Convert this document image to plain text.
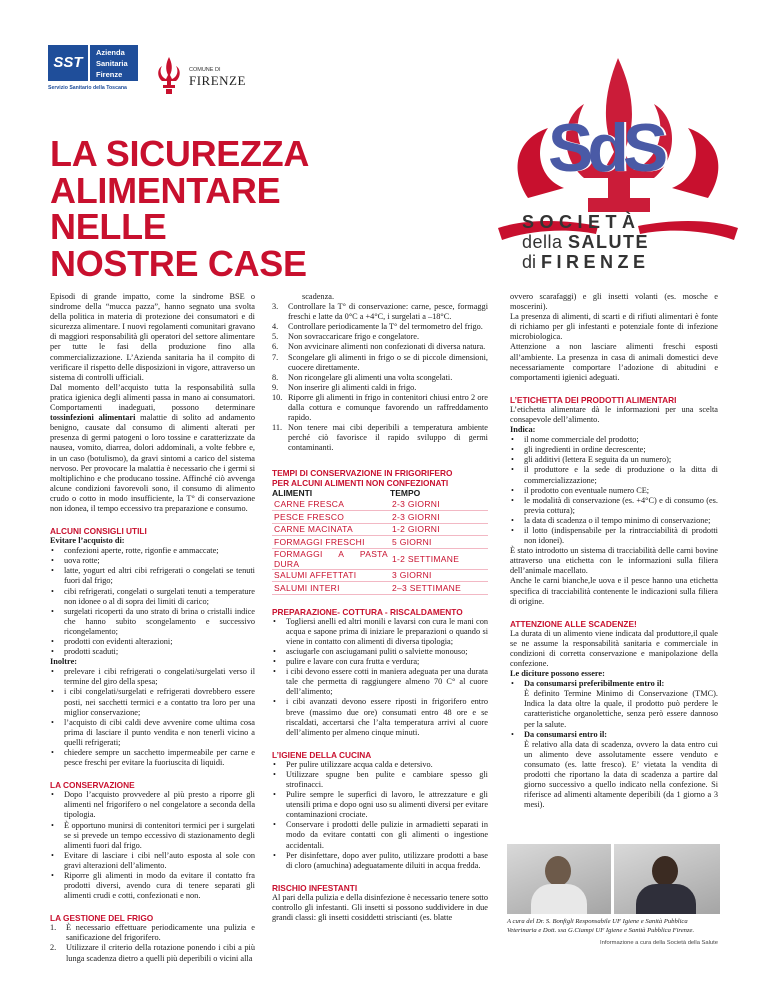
SST
Azienda
Sanitaria
Firenze
Servizio Sanitario della Toscana
COMUNE DI
FIRENZE
SdS
SOCIETÀ
della SALUTE
di FIRENZE
LA SICUREZZA
ALIMENTARE
NELLE
NOSTRE CASE

Episodi di grande impatto, come la sindrome BSE o sindrome della “mucca pazza”, hanno segnato una svolta della politica in materia di protezione dei consumatori e di sicurezza alimentare. I nuovi regolamenti comunitari gravano di maggiori responsabilità gli operatori del settore alimentare per tutte le fasi della produzione fino alla commercializzazione. L’Azienda sanitaria ha il compito di verificare il rispetto delle disposizioni in vigore, attraverso un sistema di controlli ufficiali.

Dal momento dell’acquisto tutta la responsabilità sulla pratica igienica degli alimenti passa in mano ai consumatori. Comportamenti inadeguati, possono determinare tossinfezioni alimentari malattie di solito ad andamento benigno, causate dal consumo di alimenti alterati per presenza di germi patogeni o loro tossine e caratterizzate da nausea, vomito, diarrea, dolori addominali, a volte febbre e, in un caso (botulismo), da gravi sintomi a carico del sistema nervoso. Per provocare la malattia è necessario che i germi si moltiplichino e che producano tossine. Affinché ciò avvenga alcune condizioni favorevoli sono, il consumo di alimento crudo o cotto in modo insufficiente, la T° di conservazione non idonea, il tempo eccessivo tra preparazione e consumo.

ALCUNI CONSIGLI UTILI

Evitare l’acquisto di:

• confezioni aperte, rotte, rigonfie e ammaccate;
• uova rotte;
• latte, yogurt ed altri cibi refrigerati o congelati se tenuti fuori dal frigo;
• cibi refrigerati, congelati o surgelati tenuti a temperature non idonee o al di sopra dei limiti di carico;
• surgelati ricoperti da uno strato di brina o cristalli indice che hanno subito scongelamento e successivo ricongelamento;
• prodotti con evidenti alterazioni;
• prodotti scaduti;

Inoltre:

• prelevare i cibi refrigerati o congelati/surgelati verso il termine del giro della spesa;
• i cibi congelati/surgelati e refrigerati dovrebbero essere posti, nei sacchetti termici e a contatto tra loro per una miglior conservazione;
• l’acquisto di cibi caldi deve avvenire come ultima cosa prima di lasciare il punto vendita e non tenerli vicino a quelli refrigerati;
• chiedere sempre un sacchetto impermeabile per carne e pesce freschi per evitare la fuoriuscita di liquidi.

LA CONSERVAZIONE

• Dopo l’acquisto provvedere al più presto a riporre gli alimenti nel frigorifero o nel congelatore a seconda della tipologia.
• È opportuno munirsi di contenitori termici per i surgelati se si prevede un tempo eccessivo di stazionamento degli alimenti fuori dal frigo.
• Evitare di lasciare i cibi nell’auto esposta al sole con gravi alterazioni dell’alimento.
• Riporre gli alimenti in modo da evitare il contatto fra prodotti diversi, avendo cura di tenere separati gli alimenti crudi e cotti, confezionati e non.

LA GESTIONE DEL FRIGO

1. È necessario effettuare periodicamente una pulizia e sanificazione del frigorifero.
2. Utilizzare il criterio della rotazione ponendo i cibi a più lunga scadenza dietro a quelli più deperibili o vicini alla

scadenza.

3. Controllare la T° di conservazione: carne, pesce, formaggi freschi e latte da 0°C a +4°C, i surgelati a –18°C.
4. Controllare periodicamente la T° del termometro del frigo.
5. Non sovraccaricare frigo e congelatore.
6. Non avvicinare alimenti non confezionati di diversa natura.
7. Scongelare gli alimenti in frigo o se di piccole dimensioni, cuocere direttamente.
8. Non ricongelare gli alimenti una volta scongelati.
9. Non inserire gli alimenti caldi in frigo.
10. Riporre gli alimenti in frigo in contenitori chiusi entro 2 ore dalla cottura e comunque favorendo un raffreddamento rapido.
11. Non tenere mai cibi deperibili a temperatura ambiente perché ciò favorisce il rapido sviluppo di germi contaminanti.

TEMPI DI CONSERVAZIONE IN FRIGORIFERO

PER ALCUNI ALIMENTI NON CONFEZIONATI

ALIMENTI	TEMPO
CARNE FRESCA	2-3 GIORNI
PESCE FRESCO	2-3 GIORNI
CARNE MACINATA	1-2 GIORNI
FORMAGGI FRESCHI	5 GIORNI
FORMAGGI A PASTA DURA	1-2 SETTIMANE
SALUMI AFFETTATI	3 GIORNI
SALUMI INTERI	2–3 SETTIMANE

PREPARAZIONE- COTTURA - RISCALDAMENTO

• Togliersi anelli ed altri monili e lavarsi con cura le mani con acqua e sapone prima di iniziare le preparazioni o quando si viene in contatto con alimenti di diversa tipologia;
• asciugarle con asciugamani puliti o salviette monouso;
• pulire e lavare con cura frutta e verdura;
• i cibi devono essere cotti in maniera adeguata per una durata tale che permetta di raggiungere almeno 70 C° al cuore dell’alimento;
• i cibi avanzati devono essere riposti in frigorifero entro breve (massimo due ore) consumati entro 48 ore e se riscaldati, accertarsi che l’alta temperatura arrivi al cuore dell’alimento per almeno cinque minuti.

L’IGIENE DELLA CUCINA

• Per pulire utilizzare acqua calda e detersivo.
• Utilizzare spugne ben pulite e cambiare spesso gli strofinacci.
• Pulire sempre le superfici di lavoro, le attrezzature e gli utensili prima e dopo ogni uso su alimenti diversi per evitare contaminazioni crociate.
• Conservare i prodotti delle pulizie in armadietti separati in modo da evitare contatti con gli alimenti o ingestione accidentali.
• Per disinfettare, dopo aver pulito, utilizzare prodotti a base di cloro (amuchina) adeguatamente diluiti in acqua fredda.

RISCHIO INFESTANTI

Al pari della pulizia e della disinfezione è necessario tenere sotto controllo gli infestanti. Gli insetti si possono suddividere in due grandi classi: gli insetti cosiddetti striscianti (es. blatte

ovvero scarafaggi) e gli insetti volanti (es. mosche e moscerini).

La presenza di alimenti, di scarti e di rifiuti alimentari è fonte di richiamo per gli infestanti e potenziale fonte di infezione microbiologica.

Attenzione a non lasciare alimenti freschi esposti all’ambiente. La presenza in casa di animali domestici deve necessariamente comportare l’adozione di abitudini e comportamenti igienici adeguati.

L’ETICHETTA DEI PRODOTTI ALIMENTARI

L’etichetta alimentare dà le informazioni per una scelta consapevole dell’alimento.

Indica:

• il nome commerciale del prodotto;
• gli ingredienti in ordine decrescente;
• gli additivi (lettera E seguita da un numero);
• il produttore e la sede di produzione o la ditta di commercializzazione;
• il prodotto con eventuale numero CE;
• le modalità di conservazione (es. +4°C) e di consumo (es. previa cottura);
• la data di scadenza o il tempo minimo di conservazione;
• il lotto (indispensabile per la rintracciabilità di prodotti non idonei).

È stato introdotto un sistema di tracciabilità delle carni bovine attraverso una etichetta con le informazioni sulla filiera dell’animale macellato.

Anche le carni bianche,le uova e il pesce hanno una etichetta specifica di tracciabilità contenente le indicazioni sulla filiera di origine.

ATTENZIONE ALLE SCADENZE!

La durata di un alimento viene indicata dal produttore,il quale se ne assume la responsabilità sanitaria e commerciale in condizioni di corretta conservazione e manipolazione della confezione.

Le diciture possono essere:

• Da consumarsi preferibilmente entro il:
È definito Termine Minimo di Conservazione (TMC). Indica la data oltre la quale, il prodotto può perdere le caratteristiche organolettiche, senza però essere dannoso per la salute.
• Da consumarsi entro il:
È relativo alla data di scadenza, ovvero la data entro cui un alimento deve assolutamente essere venduto e consumato (es. latte fresco). E’ vietata la vendita di prodotti che riportano la data di scadenza a partire dal giorno successivo a quello indicato nella confezione. Si riferisce ad alimenti altamente deperibili (da 1 giorno a 3 mesi).
A cura del Dr. S. Bonfigli Responsabile UF Igiene e Sanità Pubblica
Veterinaria e Dott. ssa G.Ciampi UF Igiene e Sanità Pubblica Firenze.
Informazione a cura della Società della Salute
